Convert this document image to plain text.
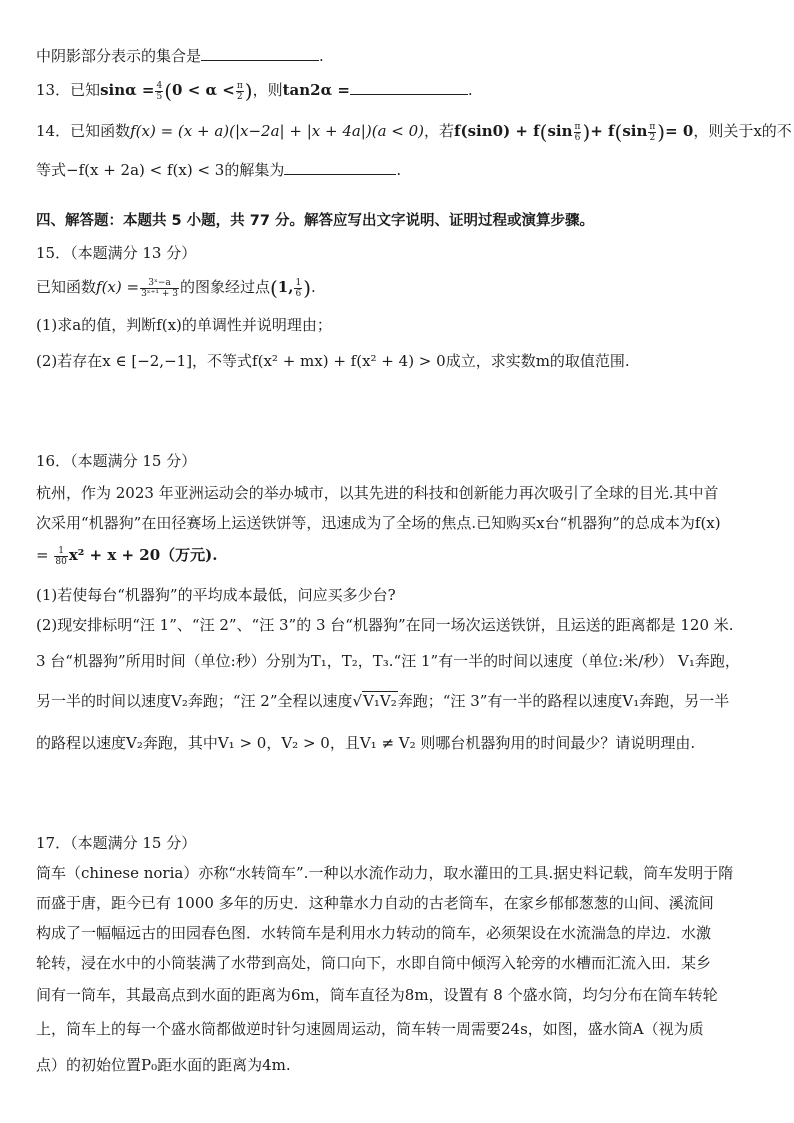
中阴影部分表示的集合是	.
13．已知$\sin\alpha = \frac{4}{5} (0 < \alpha < \frac{\pi}{2}$ )，则tan2α =	.
14．已知函数f(x) = (x + a)(|x−2a| + |x + 4a|)(a < 0)，若$f(\sin 0) + f(\sin \frac{\pi}{6}$ )+ $f(\sin \frac{\pi}{2}$ )= 0，则关于x的不
等式−f(x + 2a) < f(x) < 3的解集为	.
四、解答题：本题共 5 小题，共 77 分。解答应写出文字说明、证明过程或演算步骤。
15．（本题满分 13 分）
已知函数$f(x) = \frac{\text{3ˣ−a}}{\text{3ˣ⁺¹ + 3}}$ 的图象经过点(1, $\frac{1}{6}$ ).
(1)求a的值，判断f(x)的单调性并说明理由；
(2)若存在x ∈ [−2,−1]，不等式f(x² + mx) + f(x² + 4) > 0成立，求实数m的取值范围.
16．（本题满分 15 分）
杭州，作为 2023 年亚洲运动会的举办城市，以其先进的科技和创新能力再次吸引了全球的目光.其中首
次采用“机器狗”在田径赛场上运送铁饼等，迅速成为了全场的焦点.已知购买x台“机器狗”的总成本为f(x)
= $\frac{1}{80} x^2 + x + 20$（万元).
(1)若使每台“机器狗”的平均成本最低，问应买多少台?
(2)现安排标明“汪 1”、“汪 2”、“汪 3”的 3 台“机器狗”在同一场次运送铁饼，且运送的距离都是 120 米.
3 台“机器狗”所用时间（单位:秒）分别为T₁，T₂，T₃.“汪 1”有一半的时间以速度（单位:米/秒） V₁奔跑，
另一半的时间以速度V₂奔跑；“汪 2”全程以速度√V₁V₂奔跑；“汪 3”有一半的路程以速度V₁奔跑，另一半
的路程以速度V₂奔跑，其中V₁ > 0，V₂ > 0，且V₁ ≠ V₂ 则哪台机器狗用的时间最少？请说明理由.
17．（本题满分 15 分）
筒车（chinese noria）亦称“水转筒车”.一种以水流作动力，取水灌田的工具.据史料记载，筒车发明于隋
而盛于唐，距今已有 1000 多年的历史．这种靠水力自动的古老筒车，在家乡郁郁葱葱的山间、溪流间
构成了一幅幅远古的田园春色图．水转筒车是利用水力转动的筒车，必须架设在水流湍急的岸边．水激
轮转，浸在水中的小筒装满了水带到高处，筒口向下，水即自筒中倾泻入轮旁的水槽而汇流入田．某乡
间有一筒车，其最高点到水面的距离为6m，筒车直径为8m，设置有 8 个盛水筒，均匀分布在筒车转轮
上，筒车上的每一个盛水筒都做逆时针匀速圆周运动，筒车转一周需要24s，如图，盛水筒A（视为质
点）的初始位置P₀距水面的距离为4m.
